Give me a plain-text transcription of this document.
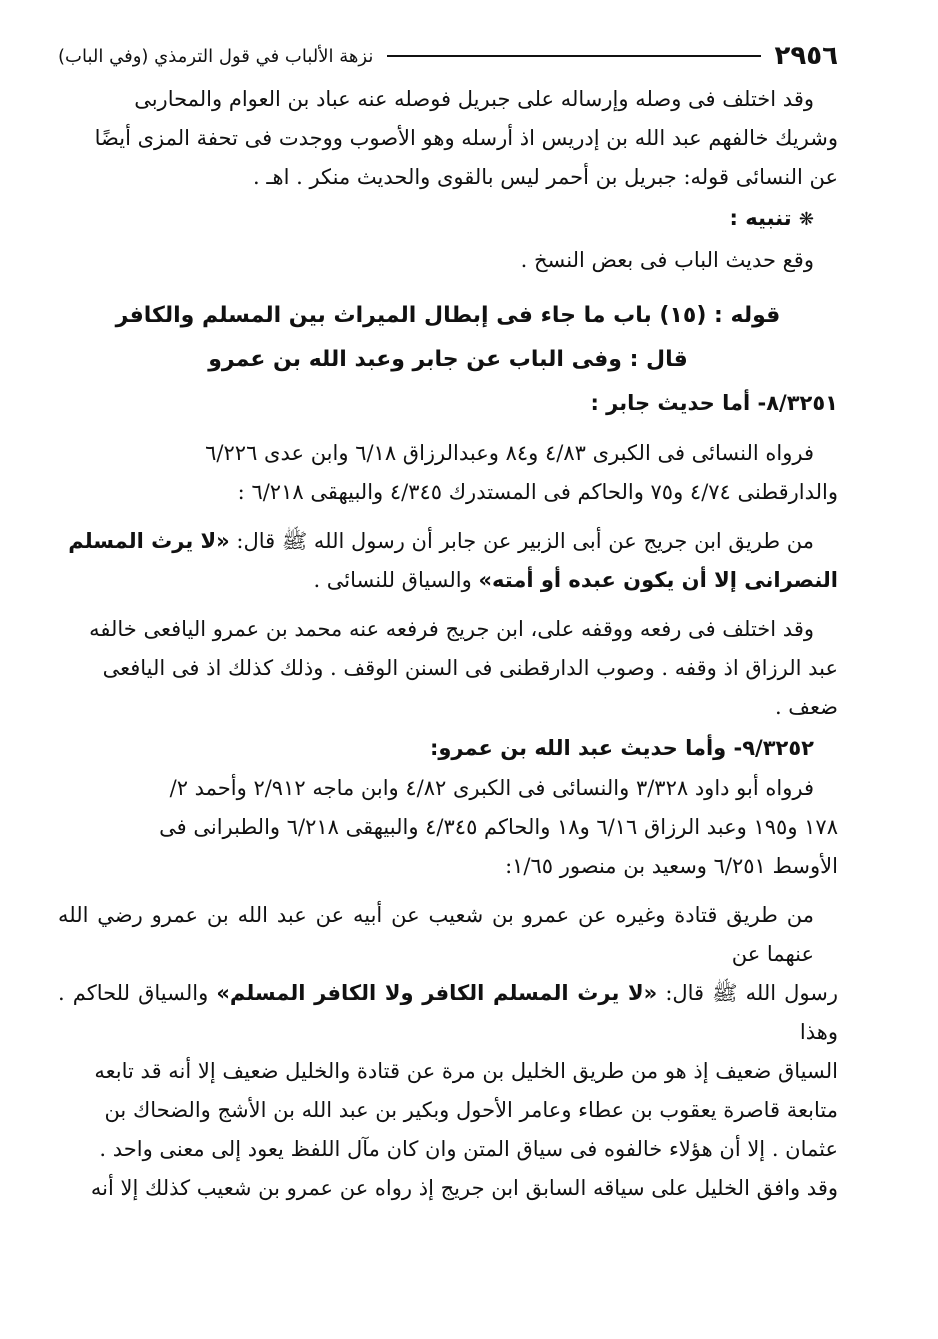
٢٩٥٦
نزهة الألباب في قول الترمذي (وفي الباب)

وقد اختلف فى وصله وإرساله على جبريل فوصله عنه عباد بن العوام والمحاربى
وشريك خالفهم عبد الله بن إدريس اذ أرسله وهو الأصوب ووجدت فى تحفة المزى أيضًا
عن النسائى قوله: جبريل بن أحمر ليس بالقوى والحديث منكر . اهـ .

❋ تنبيه :

وقع حديث الباب فى بعض النسخ .

قوله : (١٥) باب ما جاء فى إبطال الميراث بين المسلم والكافر

قال : وفى الباب عن جابر وعبد الله بن عمرو

٨/٣٢٥١- أما حديث جابر :

فرواه النسائى فى الكبرى ٤/٨٣ و٨٤ وعبدالرزاق ٦/١٨ وابن عدى ٦/٢٢٦
والدارقطنى ٤/٧٤ و٧٥ والحاكم فى المستدرك ٤/٣٤٥ والبيهقى ٦/٢١٨ :

من طريق ابن جريج عن أبى الزبير عن جابر أن رسول الله ﷺ قال: «لا يرث المسلم
النصرانى إلا أن يكون عبده أو أمته» والسياق للنسائى .

وقد اختلف فى رفعه ووقفه على، ابن جريج فرفعه عنه محمد بن عمرو اليافعى خالفه
عبد الرزاق اذ وقفه . وصوب الدارقطنى فى السنن الوقف . وذلك كذلك اذ فى اليافعى
ضعف .

٩/٣٢٥٢- وأما حديث عبد الله بن عمرو:

فرواه أبو داود ٣/٣٢٨ والنسائى فى الكبرى ٤/٨٢ وابن ماجه ٢/٩١٢ وأحمد ٢/
١٧٨ و١٩٥ وعبد الرزاق ٦/١٦ و١٨ والحاكم ٤/٣٤٥ والبيهقى ٦/٢١٨ والطبرانى فى
الأوسط ٦/٢٥١ وسعيد بن منصور ١/٦٥:

من طريق قتادة وغيره عن عمرو بن شعيب عن أبيه عن عبد الله بن عمرو رضي الله عنهما عن
رسول الله ﷺ قال: «لا يرث المسلم الكافر ولا الكافر المسلم» والسياق للحاكم . وهذا
السياق ضعيف إذ هو من طريق الخليل بن مرة عن قتادة والخليل ضعيف إلا أنه قد تابعه
متابعة قاصرة يعقوب بن عطاء وعامر الأحول وبكير بن عبد الله بن الأشج والضحاك بن
عثمان . إلا أن هؤلاء خالفوه فى سياق المتن وان كان مآل اللفظ يعود إلى معنى واحد .
وقد وافق الخليل على سياقه السابق ابن جريج إذ رواه عن عمرو بن شعيب كذلك إلا أنه
